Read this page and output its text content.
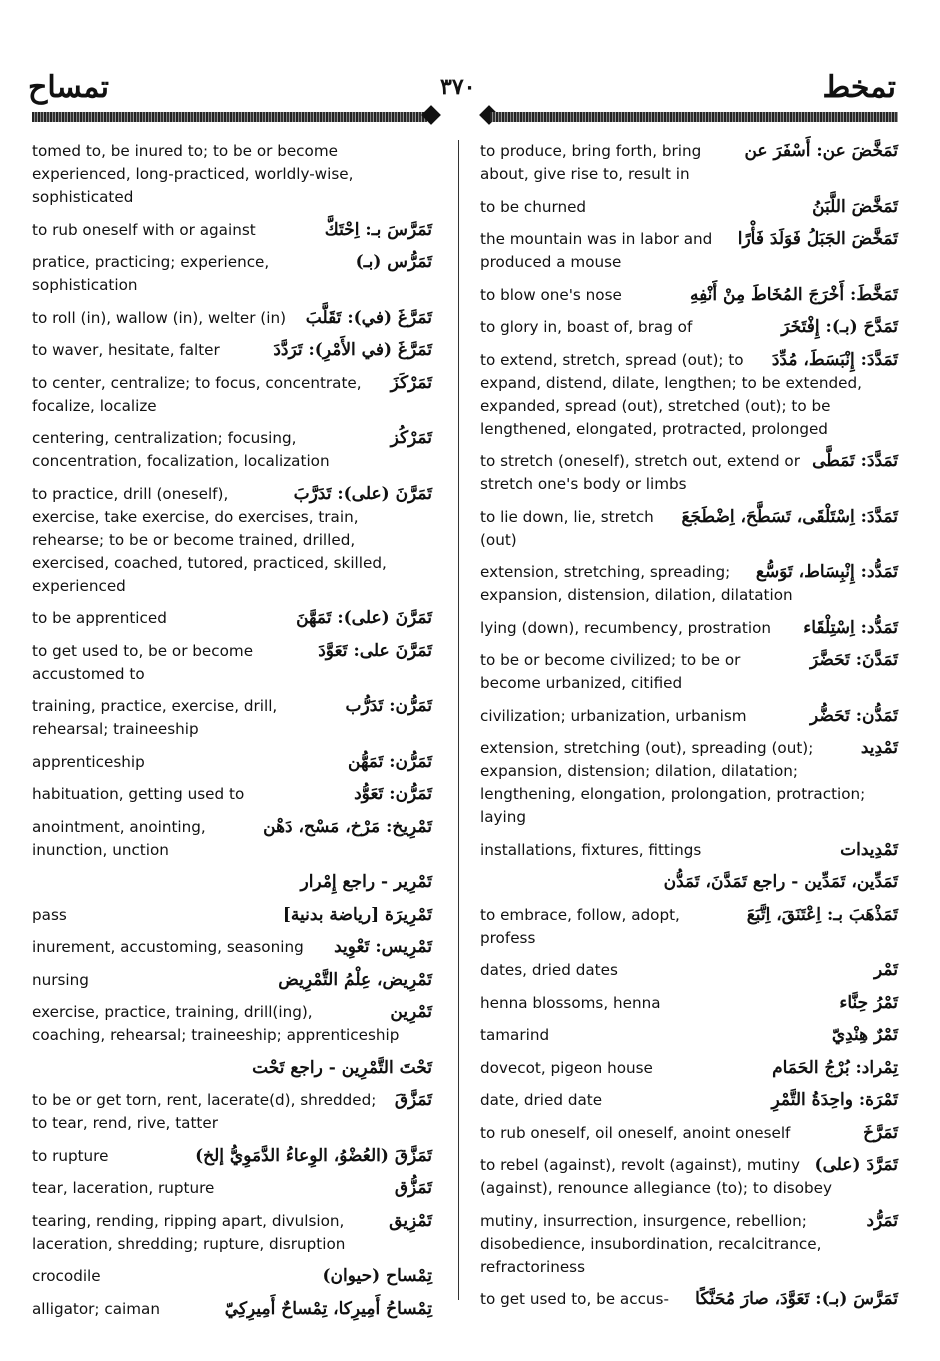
تمساح	٣٧٠	تمخط
tomed to, be inured to; to be or become experienced, long-practiced, worldly-wise, sophisticated
تَمَرَّسَ بـ: اِحْتَكَّ
to rub oneself with or against
تَمَرُّس (بـ)
pratice, practicing; experience, sophistication
تَمَرَّغَ (في): تَقَلَّبَ
to roll (in), wallow (in), welter (in)
تَمَرَّغَ (في الأَمْرِ): تَرَدَّدَ
to waver, hesitate, falter
تَمَرْكَزَ
to center, centralize; to focus, concentrate, focalize, localize
تَمَرْكُز
centering, centralization; focusing, concentration, focalization, localization
تَمَرَّنَ (على): تَدَرَّبَ
to practice, drill (oneself), exercise, take exercise, do exercises, train, rehearse; to be or become trained, drilled, exercised, coached, tutored, practiced, skilled, experienced
تَمَرَّنَ (على): تَمَهَّنَ
to be apprenticed
تَمَرَّنَ على: تَعَوَّدَ
to get used to, be or become accustomed to
تَمَرُّن: تَدَرُّب
training, practice, exercise, drill, rehearsal; traineeship
تَمَرُّن: تَمَهُّن
apprenticeship
تَمَرُّن: تَعَوُّد
habituation, getting used to
تَمْرِيخ: مَرْخ، مَسْح، دَهْن
anointment, anointing, inunction, unction
تَمْرِير - راجع إِمْرار
تَمْرِيرَة [رياضة بدنية]
pass
تَمْرِيس: تَعْوِيد
inurement, accustoming, seasoning
تَمْرِيض، عِلْمُ التَّمْرِيض
nursing
تَمْرِين
exercise, practice, training, drill(ing), coaching, rehearsal; traineeship; apprenticeship
تَحْتَ التَّمْرِين - راجع تَحْت
تَمَزَّقَ
to be or get torn, rent, lacerate(d), shredded; to tear, rend, rive, tatter
تَمَزَّقَ (العُضْوُ، الوِعاءُ الدَّمَوِيُّ إلخ)
to rupture
تَمَزُّق
tear, laceration, rupture
تَمْزِيق
tearing, rending, ripping apart, divulsion, laceration, shredding; rupture, disruption
تِمْساح (حيوان)
crocodile
تِمْساحُ أَمِيرِكا، تِمْساحٌ أَمِيرِكِيّ
alligator; caiman
تَمَخَّضَ عن: أَسْفَرَ عن
to produce, bring forth, bring about, give rise to, result in
تَمَخَّضَ اللَّبَنُ
to be churned
تَمَخَّضَ الجَبَلُ فَوَلَدَ فَأْرًا
the mountain was in labor and produced a mouse
تَمَخَّطَ: أَخْرَجَ المُخَاطَ مِنْ أَنْفِهِ
to blow one's nose
تَمَدَّحَ (بـ): إِفْتَخَرَ
to glory in, boast of, brag of
تَمَدَّدَ: إِنْبَسَطَ، مُدِّدَ
to extend, stretch, spread (out); to expand, distend, dilate, lengthen; to be extended, expanded, spread (out), stretched (out); to be lengthened, elongated, protracted, prolonged
تَمَدَّدَ: تَمَطَّى
to stretch (oneself), stretch out, extend or stretch one's body or limbs
تَمَدَّدَ: اِسْتَلْقَى، تَسَطَّحَ، اِضْطَجَعَ
to lie down, lie, stretch (out)
تَمَدُّد: إِنْبِسَاط، تَوَسُّع
extension, stretching, spreading; expansion, distension, dilation, dilatation
تَمَدُّد: اِسْتِلْقَاء
lying (down), recumbency, prostration
تَمَدَّنَ: تَحَضَّرَ
to be or become civilized; to be or become urbanized, citified
تَمَدُّن: تَحَضُّر
civilization; urbanization, urbanism
تَمْدِيد
extension, stretching (out), spreading (out); expansion, distension; dilation, dilatation; lengthening, elongation, prolongation, protraction; laying
تَمْدِيدات
installations, fixtures, fittings
تَمَدِّين، تَمَدِّين - راجع تَمَدَّنَ، تَمَدُّن
تَمَذْهَبَ بـ: اِعْتَنَقَ، اِتَّبَعَ
to embrace, follow, adopt, profess
تَمْر
dates, dried dates
تَمْرُ حِنَّاء
henna blossoms, henna
تَمْرٌ هِنْدِيّ
tamarind
تِمْراد: بُرْجُ الحَمَام
dovecot, pigeon house
تَمْرَة: واحِدَةُ التَّمْرِ
date, dried date
تَمَرَّخَ
to rub oneself, oil oneself, anoint oneself
تَمَرَّدَ (على)
to rebel (against), revolt (against), mutiny (against), renounce allegiance (to); to disobey
تَمَرُّد
mutiny, insurrection, insurgence, rebellion; disobedience, insubordination, recalcitrance, refractoriness
تَمَرَّسَ (بـ): تَعَوَّدَ، صارَ مُحَنَّكًا
to get used to, be accus-
